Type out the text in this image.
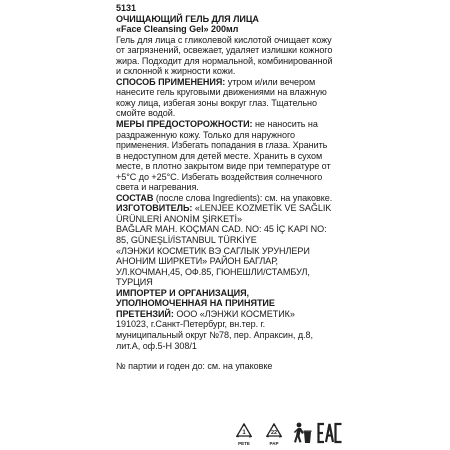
5131

ОЧИЩАЮЩИЙ ГЕЛЬ ДЛЯ ЛИЦА

«Face Cleansing Gel» 200мл

Гель для лица с гликолевой кислотой очищает кожу от загрязнений, освежает, удаляет излишки кожного жира. Подходит для нормальной, комбинированной и склонной к жирности кожи.

СПОСОБ ПРИМЕНЕНИЯ: утром и/или вечером нанесите гель круговыми движениями на влажную кожу лица, избегая зоны вокруг глаз. Тщательно смойте водой.

МЕРЫ ПРЕДОСТОРОЖНОСТИ: не наносить на раздраженную кожу. Только для наружного применения. Избегать попадания в глаза. Хранить в недоступном для детей месте. Хранить в сухом месте, в плотно закрытом виде при температуре от +5°C до +25°C. Избегать воздействия солнечного света и нагревания.

СОСТАВ (после слова Ingredients): см. на упаковке.

ИЗГОТОВИТЕЛЬ: «LENJEE KOZMETİK VE SAĞLIK ÜRÜNLERİ ANONİM ŞİRKETİ»

BAĞLAR MAH. KOÇMAN CAD. NO: 45 İÇ KAPI NO: 85, GÜNEŞLİ/İSTANBUL TÜRKİYE

«ЛЭНЖИ КОСМЕТИК ВЭ СAГЛЫК УРУНЛЕРИ АНОНИМ ШИРКЕТИ» РАЙОН БАГЛАР, УЛ.КОЧМАН,45, ОФ.85, ГЮНЕШЛИ/СТАМБУЛ, ТУРЦИЯ

ИМПОРТЕР И ОРГАНИЗАЦИЯ, УПОЛНОМОЧЕННАЯ НА ПРИНЯТИЕ ПРЕТЕНЗИЙ: ООО «ЛЭНЖИ КОСМЕТИК»

191023, г.Санкт-Петербург, вн.тер. г. муниципальный округ №78, пер. Апраксин, д.8, лит.А, оф.5-Н 308/1

№ партии и годен до: см. на упаковке

1
PETE
22
PAP
